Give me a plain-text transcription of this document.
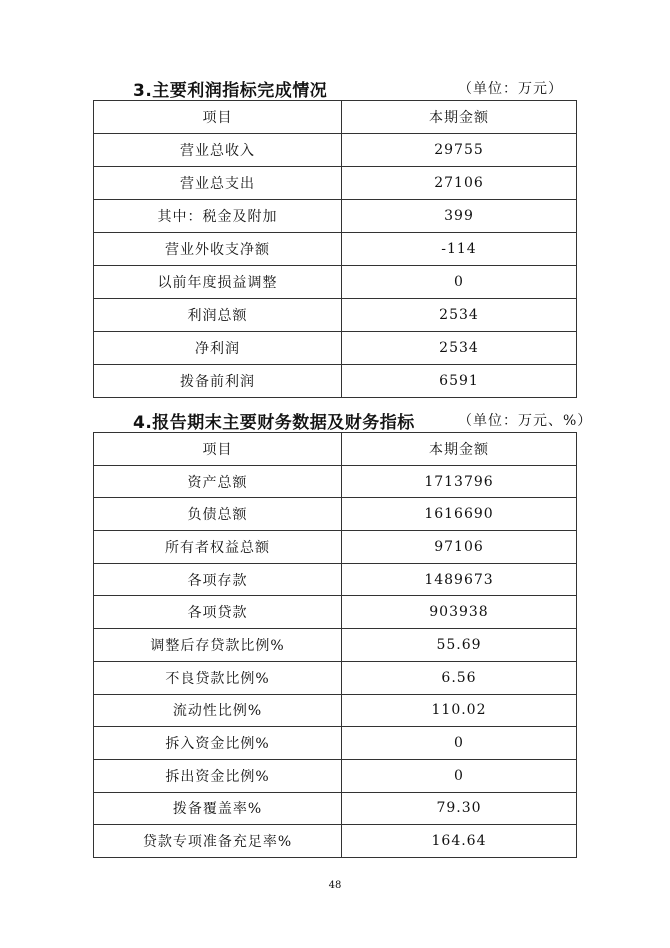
3.主要利润指标完成情况	（单位：万元）
项目	本期金额
营业总收入	29755
营业总支出	27106
其中：税金及附加	399
营业外收支净额	-114
以前年度损益调整	0
利润总额	2534
净利润	2534
拨备前利润	6591
4.报告期末主要财务数据及财务指标	（单位：万元、%）
项目	本期金额
资产总额	1713796
负债总额	1616690
所有者权益总额	97106
各项存款	1489673
各项贷款	903938
调整后存贷款比例%	55.69
不良贷款比例%	6.56
流动性比例%	110.02
拆入资金比例%	0
拆出资金比例%	0
拨备覆盖率%	79.30
贷款专项准备充足率%	164.64
48
